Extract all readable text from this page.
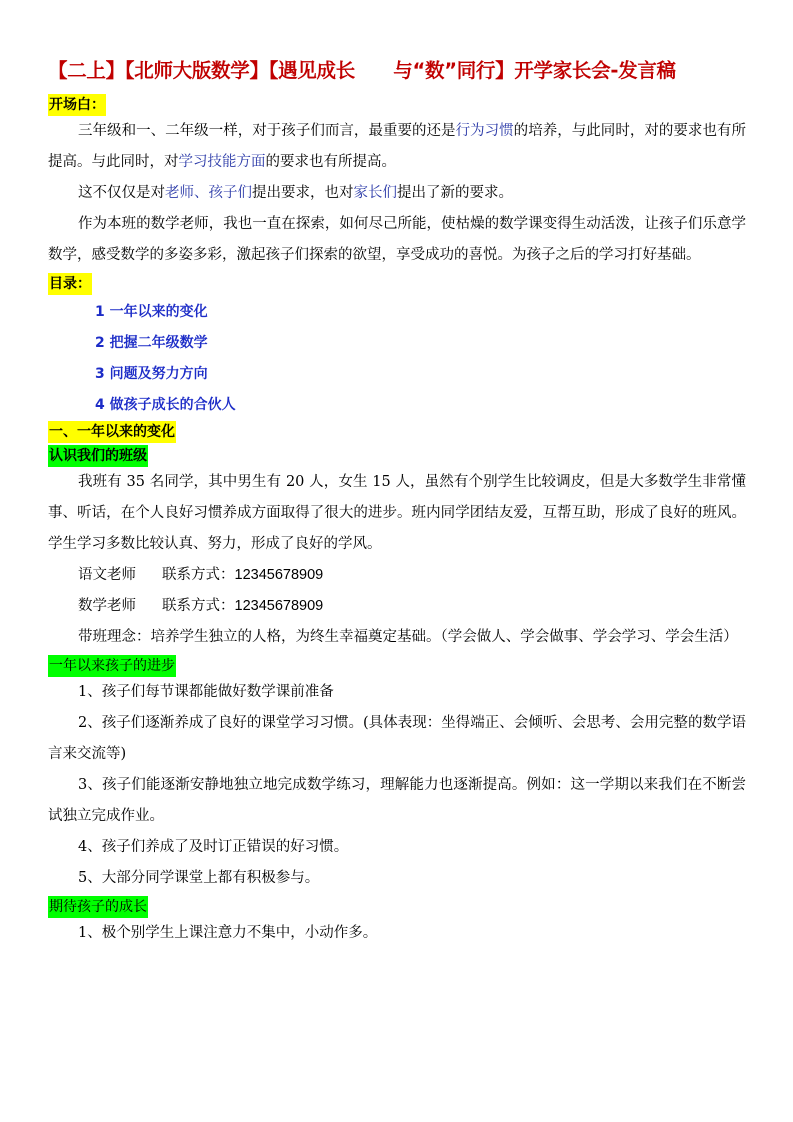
【二上】【北师大版数学】【遇见成长　　与“数”同行】开学家长会-发言稿
开场白：

三年级和一、二年级一样，对于孩子们而言，最重要的还是行为习惯的培养，与此同时，对的要求也有所提高。与此同时，对学习技能方面的要求也有所提高。

这不仅仅是对老师、孩子们提出要求，也对家长们提出了新的要求。

作为本班的数学老师，我也一直在探索，如何尽己所能，使枯燥的数学课变得生动活泼，让孩子们乐意学数学，感受数学的多姿多彩，激起孩子们探索的欲望，享受成功的喜悦。为孩子之后的学习打好基础。

目录：
1 一年以来的变化
2 把握二年级数学
3 问题及努力方向
4 做孩子成长的合伙人
一、一年以来的变化
认识我们的班级

我班有 35 名同学，其中男生有 20 人，女生 15 人，虽然有个别学生比较调皮，但是大多数学生非常懂事、听话，在个人良好习惯养成方面取得了很大的进步。班内同学团结友爱，互帮互助，形成了良好的班风。学生学习多数比较认真、努力，形成了良好的学风。

语文老师 联系方式：12345678909

数学老师 联系方式：12345678909

带班理念：培养学生独立的人格，为终生幸福奠定基础。（学会做人、学会做事、学会学习、学会生活）

一年以来孩子的进步

1、孩子们每节课都能做好数学课前准备

2、孩子们逐渐养成了良好的课堂学习习惯。(具体表现：坐得端正、会倾听、会思考、会用完整的数学语言来交流等)

3、孩子们能逐渐安静地独立地完成数学练习，理解能力也逐渐提高。例如：这一学期以来我们在不断尝试独立完成作业。

4、孩子们养成了及时订正错误的好习惯。

5、大部分同学课堂上都有积极参与。

期待孩子的成长

1、极个别学生上课注意力不集中，小动作多。
